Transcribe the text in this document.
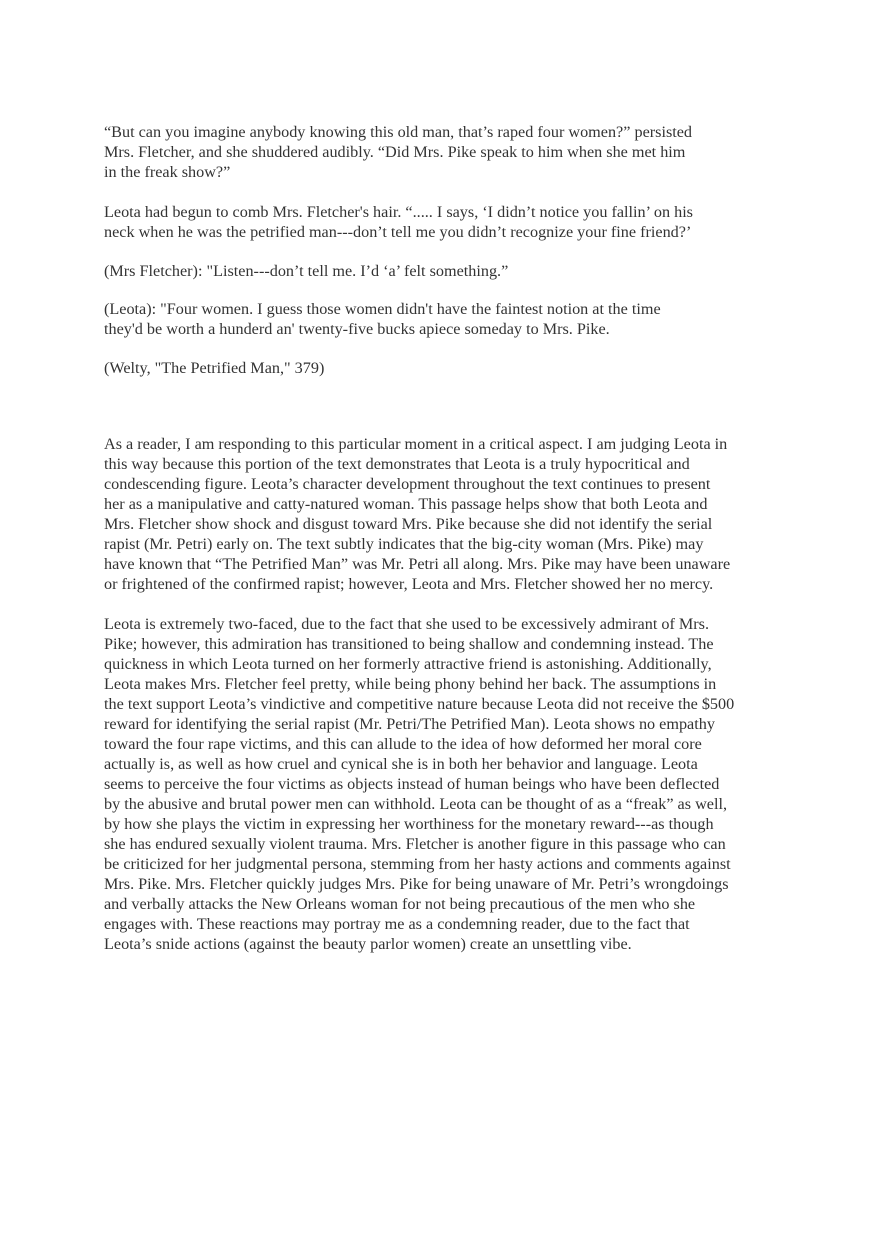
“But can you imagine anybody knowing this old man, that’s raped four women?” persisted
Mrs. Fletcher, and she shuddered audibly. “Did Mrs. Pike speak to him when she met him
in the freak show?”
Leota had begun to comb Mrs. Fletcher's hair. “..... I says, ‘I didn’t notice you fallin’ on his
neck when he was the petrified man---don’t tell me you didn’t recognize your fine friend?’
(Mrs Fletcher): "Listen---don’t tell me. I’d ‘a’ felt something.”
(Leota): "Four women. I guess those women didn't have the faintest notion at the time
they'd be worth a hunderd an' twenty-five bucks apiece someday to Mrs. Pike.
(Welty, "The Petrified Man," 379)
As a reader, I am responding to this particular moment in a critical aspect. I am judging Leota in
this way because this portion of the text demonstrates that Leota is a truly hypocritical and
condescending figure. Leota’s character development throughout the text continues to present
her as a manipulative and catty-natured woman. This passage helps show that both Leota and
Mrs. Fletcher show shock and disgust toward Mrs. Pike because she did not identify the serial
rapist (Mr. Petri) early on. The text subtly indicates that the big-city woman (Mrs. Pike) may
have known that “The Petrified Man” was Mr. Petri all along. Mrs. Pike may have been unaware
or frightened of the confirmed rapist; however, Leota and Mrs. Fletcher showed her no mercy.
Leota is extremely two-faced, due to the fact that she used to be excessively admirant of Mrs.
Pike; however, this admiration has transitioned to being shallow and condemning instead. The
quickness in which Leota turned on her formerly attractive friend is astonishing. Additionally,
Leota makes Mrs. Fletcher feel pretty, while being phony behind her back. The assumptions in
the text support Leota’s vindictive and competitive nature because Leota did not receive the $500
reward for identifying the serial rapist (Mr. Petri/The Petrified Man). Leota shows no empathy
toward the four rape victims, and this can allude to the idea of how deformed her moral core
actually is, as well as how cruel and cynical she is in both her behavior and language. Leota
seems to perceive the four victims as objects instead of human beings who have been deflected
by the abusive and brutal power men can withhold. Leota can be thought of as a “freak” as well,
by how she plays the victim in expressing her worthiness for the monetary reward---as though
she has endured sexually violent trauma. Mrs. Fletcher is another figure in this passage who can
be criticized for her judgmental persona, stemming from her hasty actions and comments against
Mrs. Pike. Mrs. Fletcher quickly judges Mrs. Pike for being unaware of Mr. Petri’s wrongdoings
and verbally attacks the New Orleans woman for not being precautious of the men who she
engages with. These reactions may portray me as a condemning reader, due to the fact that
Leota’s snide actions (against the beauty parlor women) create an unsettling vibe.
